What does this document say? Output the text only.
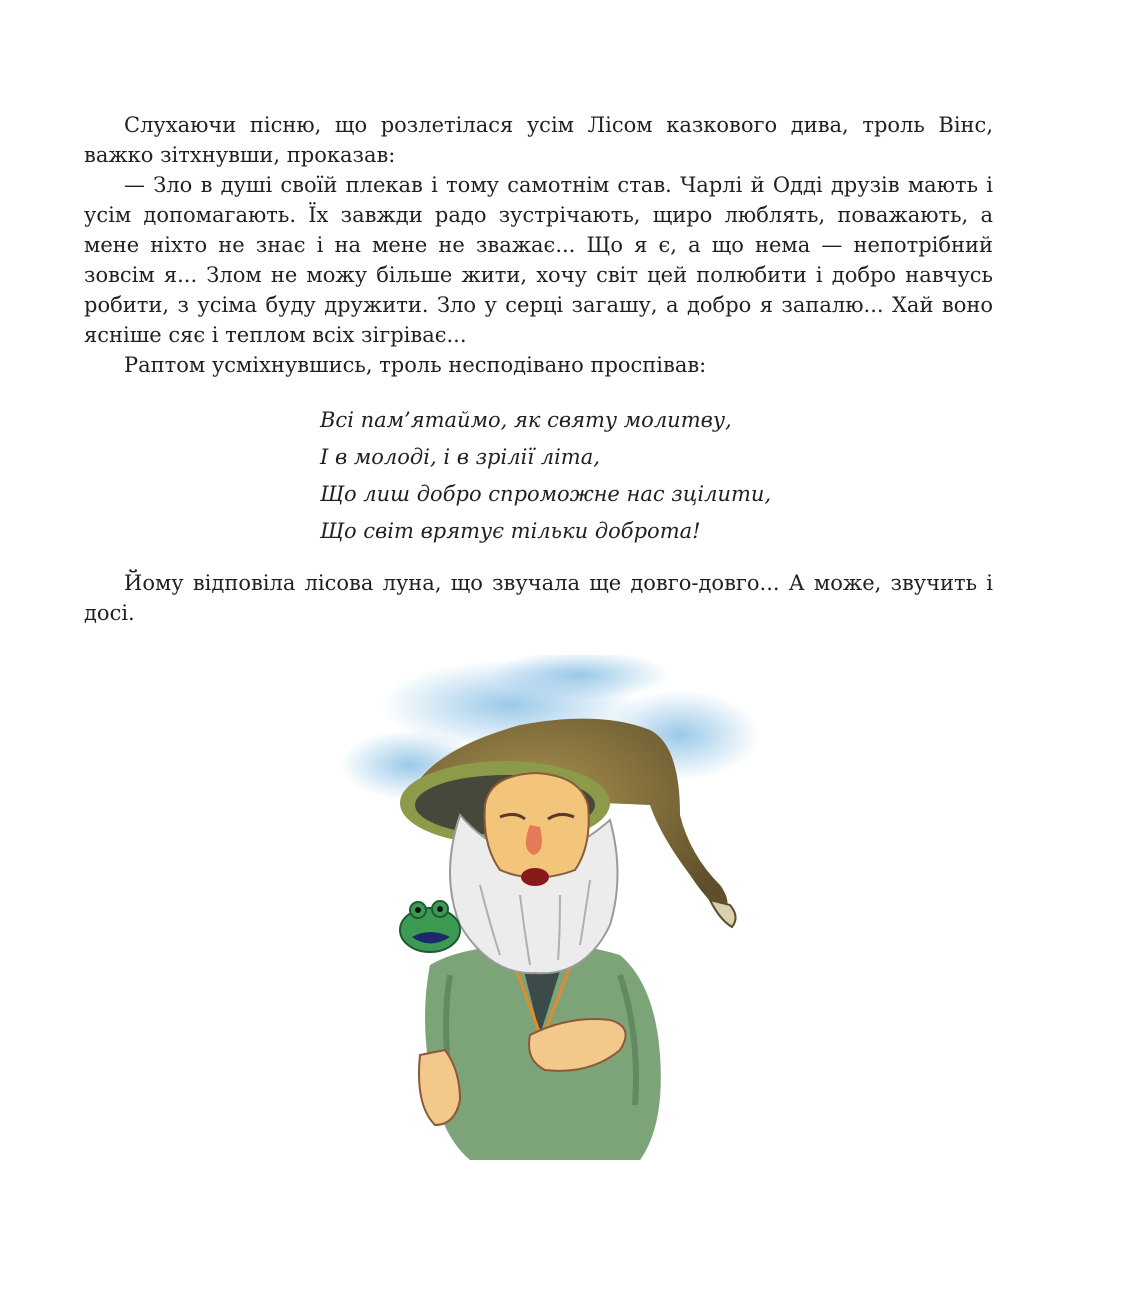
Слухаючи пісню, що розлетілася усім Лісом казкового дива, троль Вінс, важко зітхнувши, проказав:

— Зло в душі своїй плекав і тому самотнім став. Чарлі й Одді друзів мають і усім допомагають. Їх завжди радо зустрічають, щиро люблять, поважають, а мене ніхто не знає і на мене не зважає... Що я є, а що нема — непотрібний зовсім я... Злом не можу більше жити, хочу світ цей полюбити і добро навчусь робити, з усіма буду дружити. Зло у серці загашу, а добро я запалю... Хай воно ясніше сяє і теплом всіх зігріває...

Раптом усміхнувшись, троль несподівано проспівав:

Всі пам’ятаймо, як святу молитву,
І в молоді, і в зрілії літа,
Що лиш добро спроможне нас зцілити,
Що світ врятує тільки доброта!

Йому відповіла лісова луна, що звучала ще довго-довго... А може, звучить і досі.
